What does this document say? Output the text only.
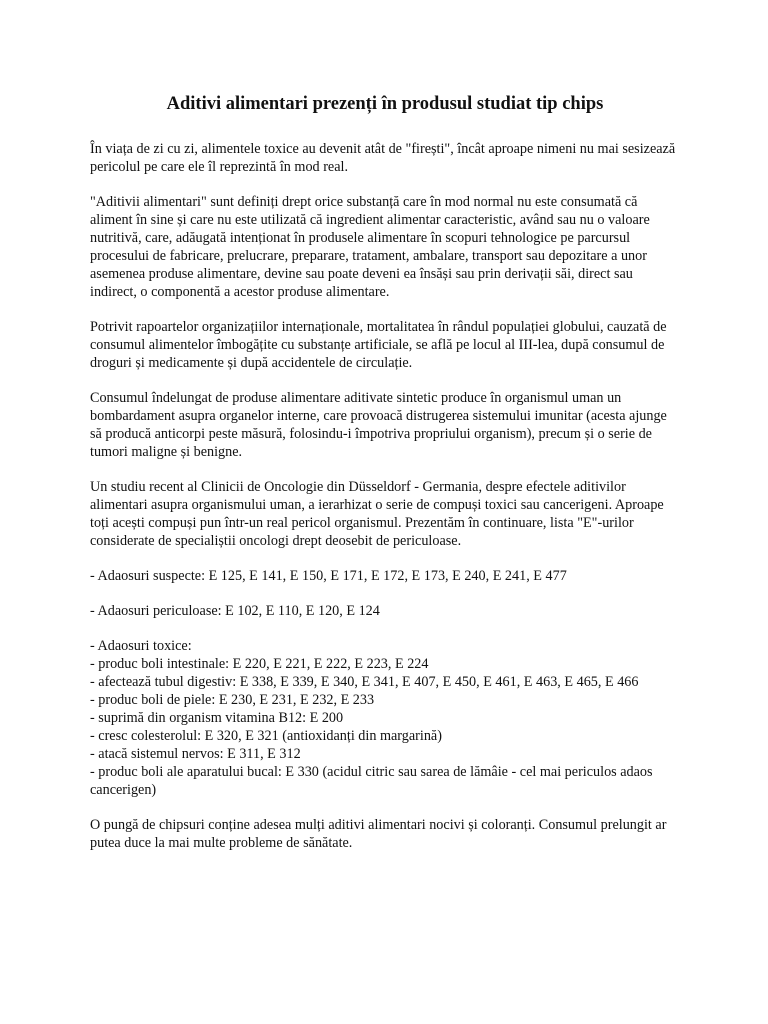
Aditivi alimentari prezenți în produsul studiat tip chips

În viața de zi cu zi, alimentele toxice au devenit atât de "firești", încât aproape nimeni nu mai sesizează pericolul pe care ele îl reprezintă în mod real.

"Aditivii alimentari" sunt definiți drept orice substanță care în mod normal nu este consumată că aliment în sine și care nu este utilizată că ingredient alimentar caracteristic, având sau nu o valoare nutritivă, care, adăugată intenționat în produsele alimentare în scopuri tehnologice pe parcursul procesului de fabricare, prelucrare, preparare, tratament, ambalare, transport sau depozitare a unor asemenea produse alimentare, devine sau poate deveni ea însăși sau prin derivații săi, direct sau indirect, o componentă a acestor produse alimentare.

Potrivit rapoartelor organizațiilor internaționale, mortalitatea în rândul populației globului, cauzată de consumul alimentelor îmbogățite cu substanțe artificiale, se află pe locul al III-lea, după consumul de droguri și medicamente și după accidentele de circulație.

Consumul îndelungat de produse alimentare aditivate sintetic produce în organismul uman un bombardament asupra organelor interne, care provoacă distrugerea sistemului imunitar (acesta ajunge să producă anticorpi peste măsură, folosindu-i împotriva propriului organism), precum și o serie de tumori maligne și benigne.

Un studiu recent al Clinicii de Oncologie din Düsseldorf - Germania, despre efectele aditivilor alimentari asupra organismului uman, a ierarhizat o serie de compuși toxici sau cancerigeni. Aproape toți acești compuși pun într-un real pericol organismul. Prezentăm în continuare, lista "E"-urilor considerate de specialiștii oncologi drept deosebit de periculoase.

- Adaosuri suspecte: E 125, E 141, E 150, E 171, E 172, E 173, E 240, E 241, E 477

- Adaosuri periculoase: E 102, E 110, E 120, E 124

- Adaosuri toxice:
- produc boli intestinale: E 220, E 221, E 222, E 223, E 224
- afectează tubul digestiv: E 338, E 339, E 340, E 341, E 407, E 450, E 461, E 463, E 465, E 466
- produc boli de piele: E 230, E 231, E 232, E 233
- suprimă din organism vitamina B12: E 200
- cresc colesterolul: E 320, E 321 (antioxidanți din margarină)
- atacă sistemul nervos: E 311, E 312
- produc boli ale aparatului bucal: E 330 (acidul citric sau sarea de lămâie - cel mai periculos adaos cancerigen)

O pungă de chipsuri conține adesea mulți aditivi alimentari nocivi și coloranți. Consumul prelungit ar putea duce la mai multe probleme de sănătate.
